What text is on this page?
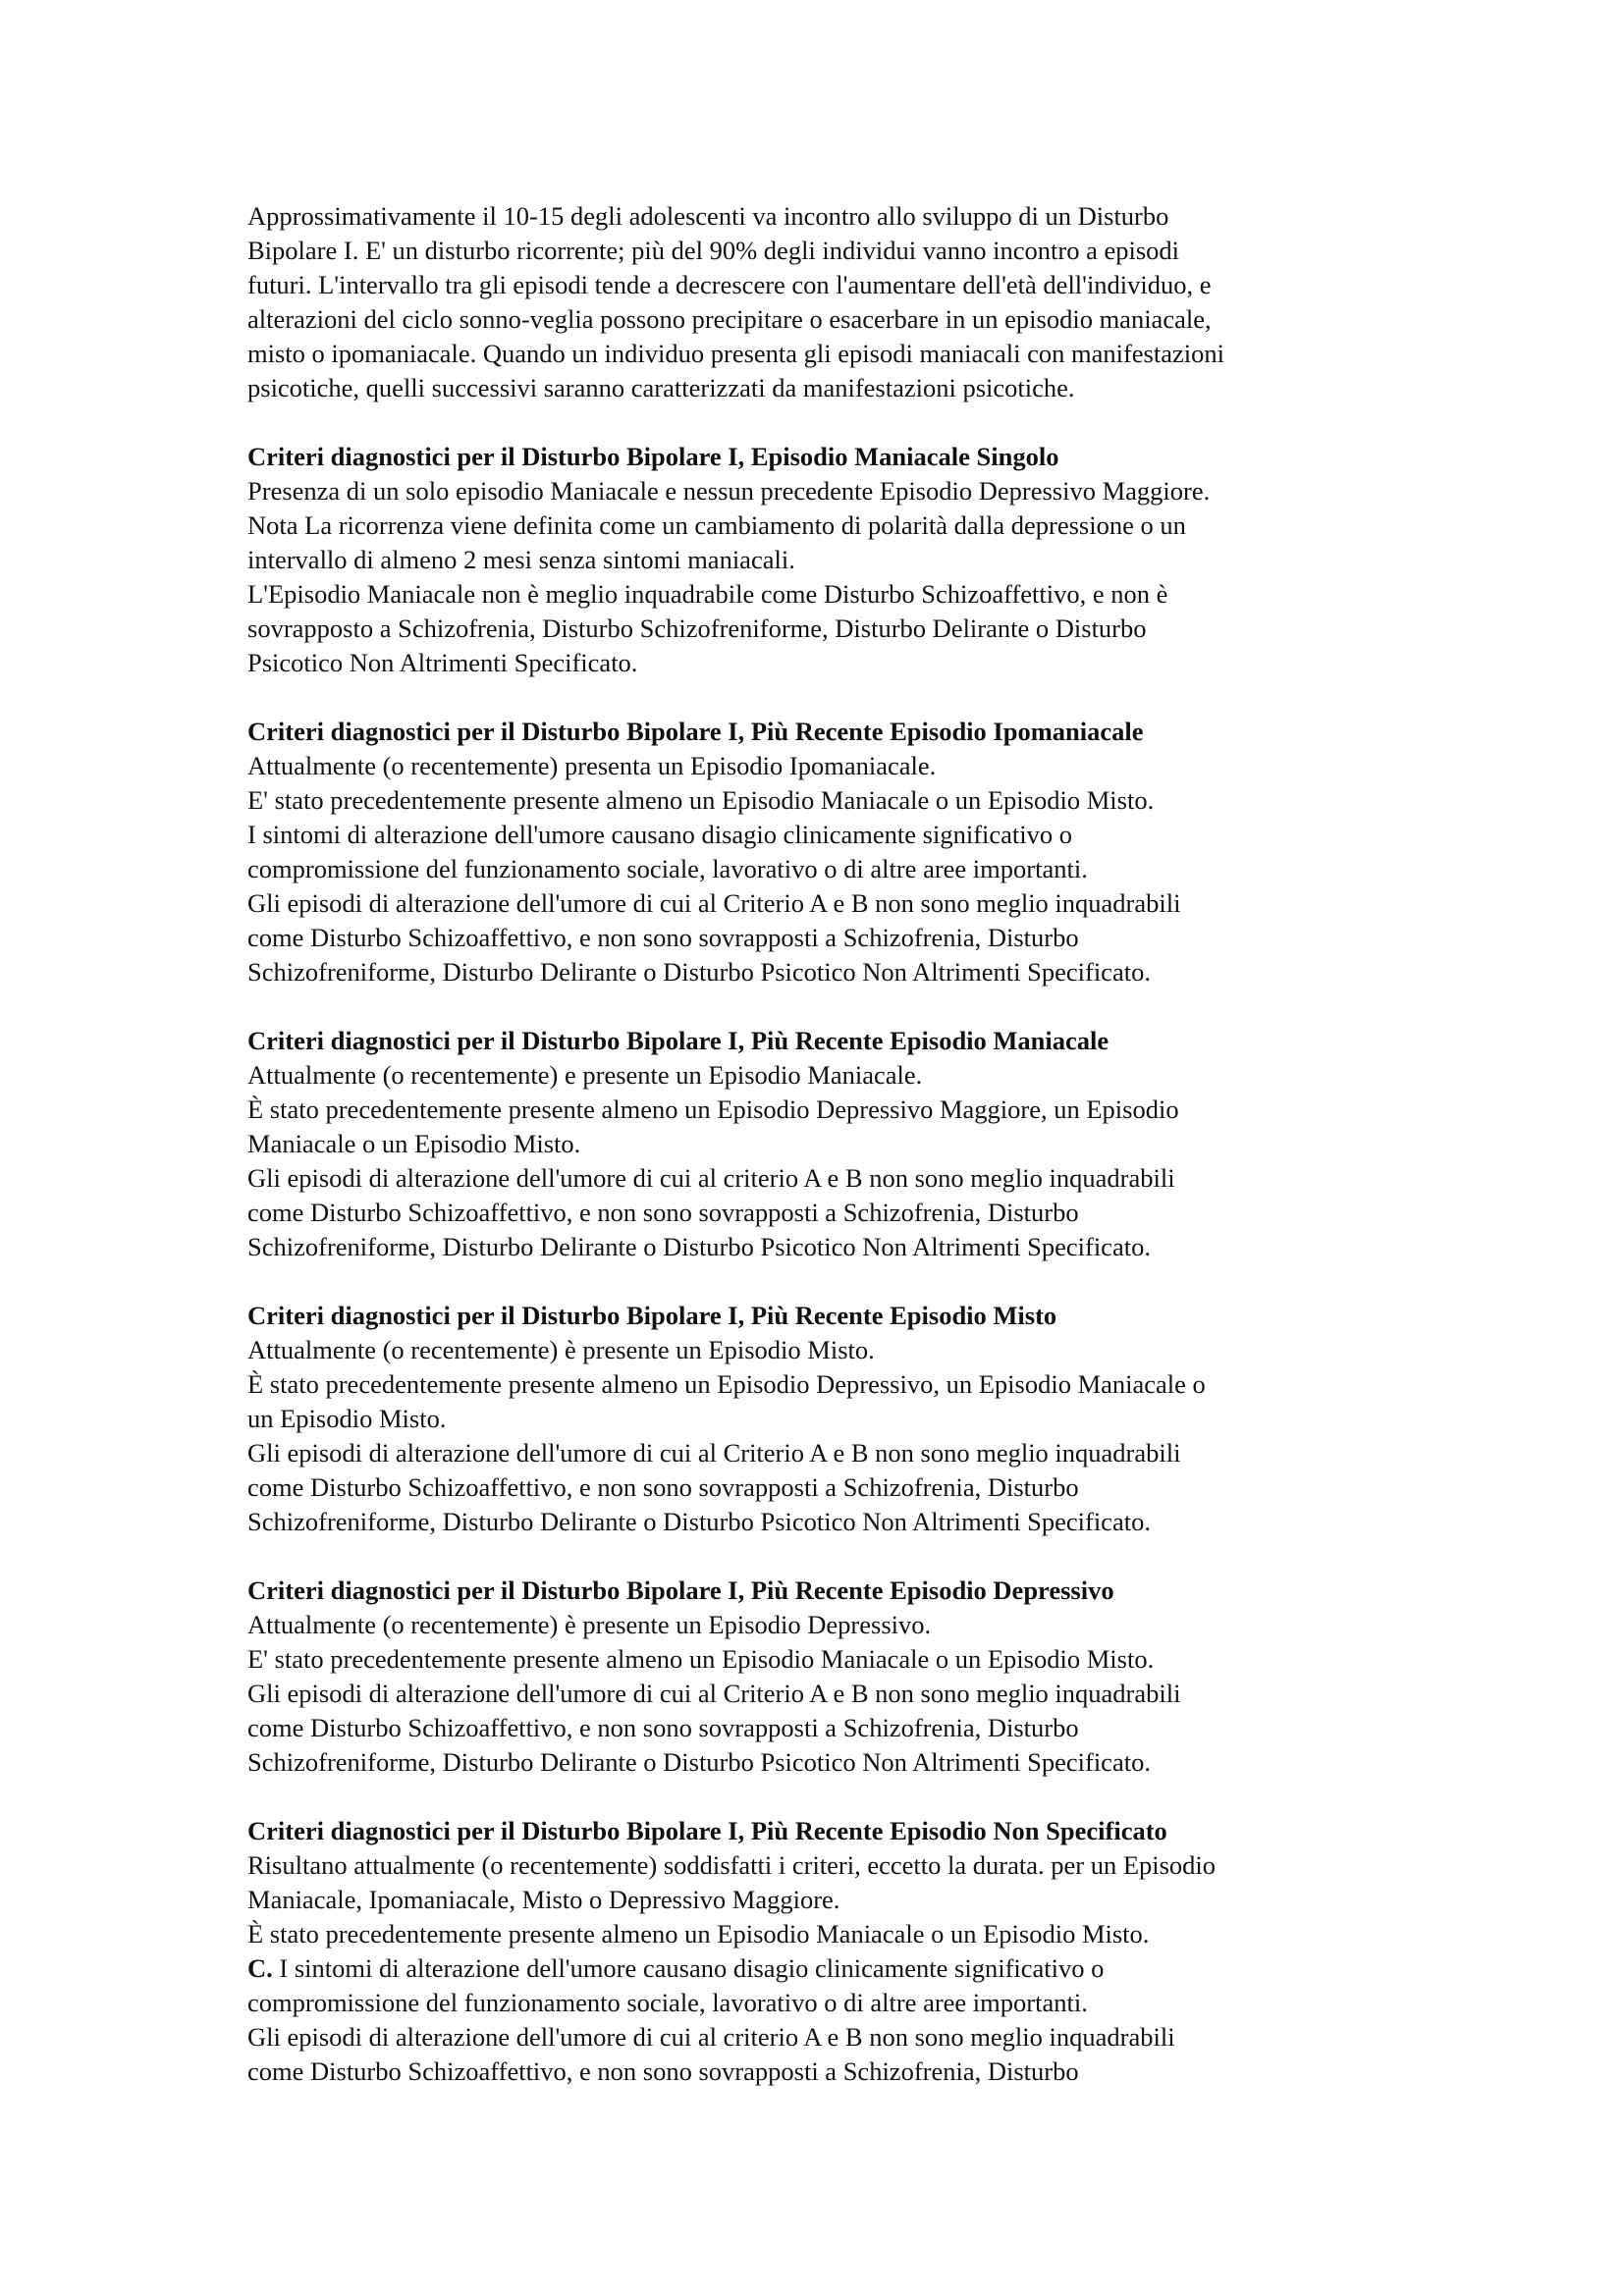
Approssimativamente il 10-15 degli adolescenti va incontro allo sviluppo di un Disturbo

Bipolare I. E' un disturbo ricorrente; più del 90% degli individui vanno incontro a episodi

futuri. L'intervallo tra gli episodi tende a decrescere con l'aumentare dell'età dell'individuo, e

alterazioni del ciclo sonno-veglia possono precipitare o esacerbare in un episodio maniacale,

misto o ipomaniacale. Quando un individuo presenta gli episodi maniacali con manifestazioni

psicotiche, quelli successivi saranno caratterizzati da manifestazioni psicotiche.

Criteri diagnostici per il Disturbo Bipolare I, Episodio Maniacale Singolo

Presenza di un solo episodio Maniacale e nessun precedente Episodio Depressivo Maggiore.

Nota La ricorrenza viene definita come un cambiamento di polarità dalla depressione o un

intervallo di almeno 2 mesi senza sintomi maniacali.

L'Episodio Maniacale non è meglio inquadrabile come Disturbo Schizoaffettivo, e non è

sovrapposto a Schizofrenia, Disturbo Schizofreniforme, Disturbo Delirante o Disturbo

Psicotico Non Altrimenti Specificato.

Criteri diagnostici per il Disturbo Bipolare I, Più Recente Episodio Ipomaniacale

Attualmente (o recentemente) presenta un Episodio Ipomaniacale.

E' stato precedentemente presente almeno un Episodio Maniacale o un Episodio Misto.

I sintomi di alterazione dell'umore causano disagio clinicamente significativo o

compromissione del funzionamento sociale, lavorativo o di altre aree importanti.

Gli episodi di alterazione dell'umore di cui al Criterio A e B non sono meglio inquadrabili

come Disturbo Schizoaffettivo, e non sono sovrapposti a Schizofrenia, Disturbo

Schizofreniforme, Disturbo Delirante o Disturbo Psicotico Non Altrimenti Specificato.

Criteri diagnostici per il Disturbo Bipolare I, Più Recente Episodio Maniacale

Attualmente (o recentemente) e presente un Episodio Maniacale.

È stato precedentemente presente almeno un Episodio Depressivo Maggiore, un Episodio

Maniacale o un Episodio Misto.

Gli episodi di alterazione dell'umore di cui al criterio A e B non sono meglio inquadrabili

come Disturbo Schizoaffettivo, e non sono sovrapposti a Schizofrenia, Disturbo

Schizofreniforme, Disturbo Delirante o Disturbo Psicotico Non Altrimenti Specificato.

Criteri diagnostici per il Disturbo Bipolare I, Più Recente Episodio Misto

Attualmente (o recentemente) è presente un Episodio Misto.

È stato precedentemente presente almeno un Episodio Depressivo, un Episodio Maniacale o

un Episodio Misto.

Gli episodi di alterazione dell'umore di cui al Criterio A e B non sono meglio inquadrabili

come Disturbo Schizoaffettivo, e non sono sovrapposti a Schizofrenia, Disturbo

Schizofreniforme, Disturbo Delirante o Disturbo Psicotico Non Altrimenti Specificato.

Criteri diagnostici per il Disturbo Bipolare I, Più Recente Episodio Depressivo

Attualmente (o recentemente) è presente un Episodio Depressivo.

E' stato precedentemente presente almeno un Episodio Maniacale o un Episodio Misto.

Gli episodi di alterazione dell'umore di cui al Criterio A e B non sono meglio inquadrabili

come Disturbo Schizoaffettivo, e non sono sovrapposti a Schizofrenia, Disturbo

Schizofreniforme, Disturbo Delirante o Disturbo Psicotico Non Altrimenti Specificato.

Criteri diagnostici per il Disturbo Bipolare I, Più Recente Episodio Non Specificato

Risultano attualmente (o recentemente) soddisfatti i criteri, eccetto la durata. per un Episodio

Maniacale, Ipomaniacale, Misto o Depressivo Maggiore.

È stato precedentemente presente almeno un Episodio Maniacale o un Episodio Misto.

C. I sintomi di alterazione dell'umore causano disagio clinicamente significativo o

compromissione del funzionamento sociale, lavorativo o di altre aree importanti.

Gli episodi di alterazione dell'umore di cui al criterio A e B non sono meglio inquadrabili

come Disturbo Schizoaffettivo, e non sono sovrapposti a Schizofrenia, Disturbo
